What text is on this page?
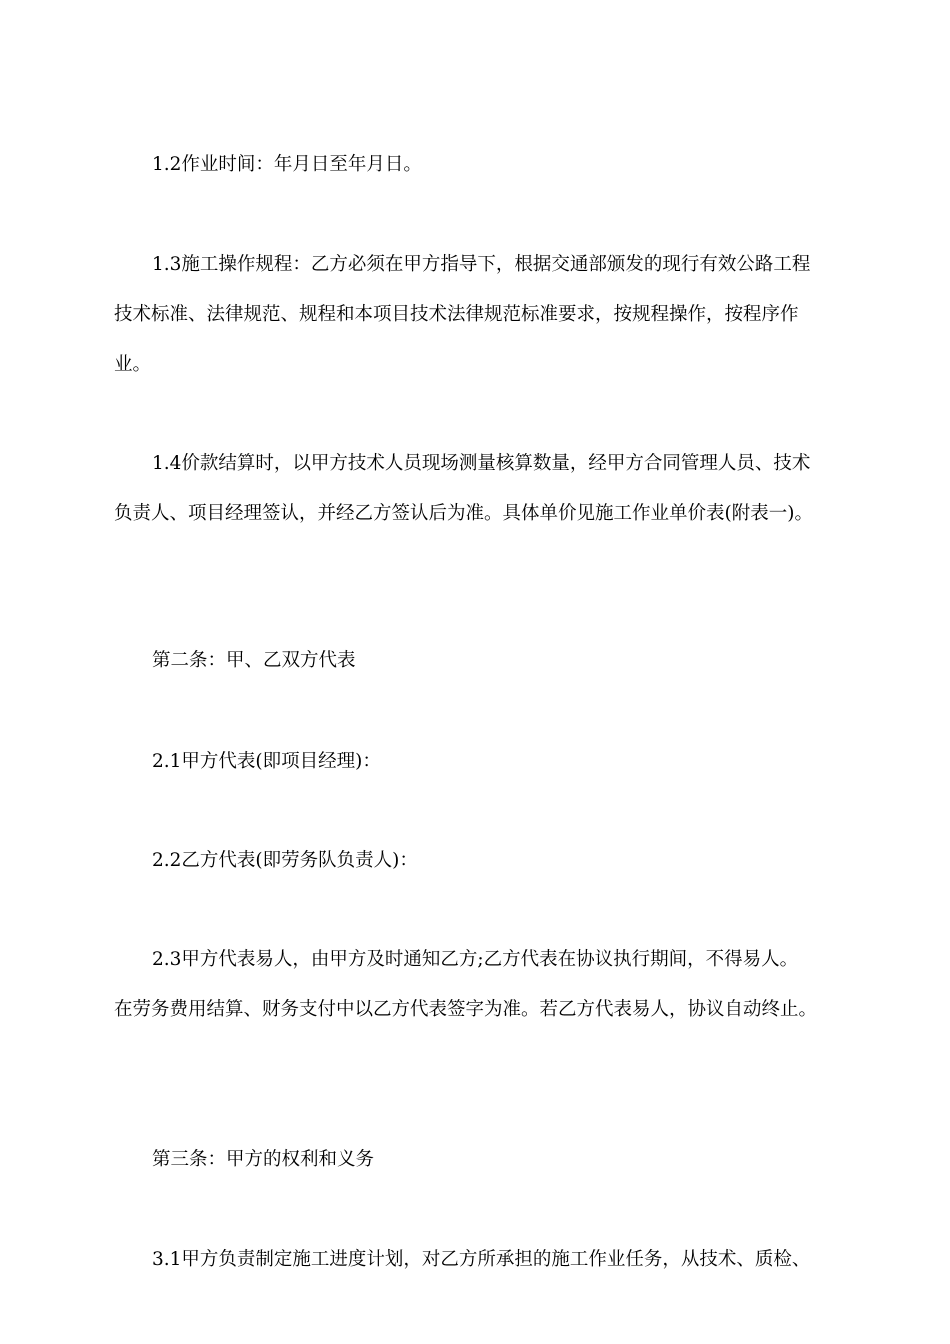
1.2作业时间：年月日至年月日。

1.3施工操作规程：乙方必须在甲方指导下，根据交通部颁发的现行有效公路工程
技术标准、法律规范、规程和本项目技术法律规范标准要求，按规程操作，按程序作
业。

1.4价款结算时，以甲方技术人员现场测量核算数量，经甲方合同管理人员、技术
负责人、项目经理签认，并经乙方签认后为准。具体单价见施工作业单价表(附表一)。

第二条：甲、乙双方代表

2.1甲方代表(即项目经理)：

2.2乙方代表(即劳务队负责人)：

2.3甲方代表易人，由甲方及时通知乙方;乙方代表在协议执行期间，不得易人。
在劳务费用结算、财务支付中以乙方代表签字为准。若乙方代表易人，协议自动终止。

第三条：甲方的权利和义务

3.1甲方负责制定施工进度计划，对乙方所承担的施工作业任务，从技术、质检、
